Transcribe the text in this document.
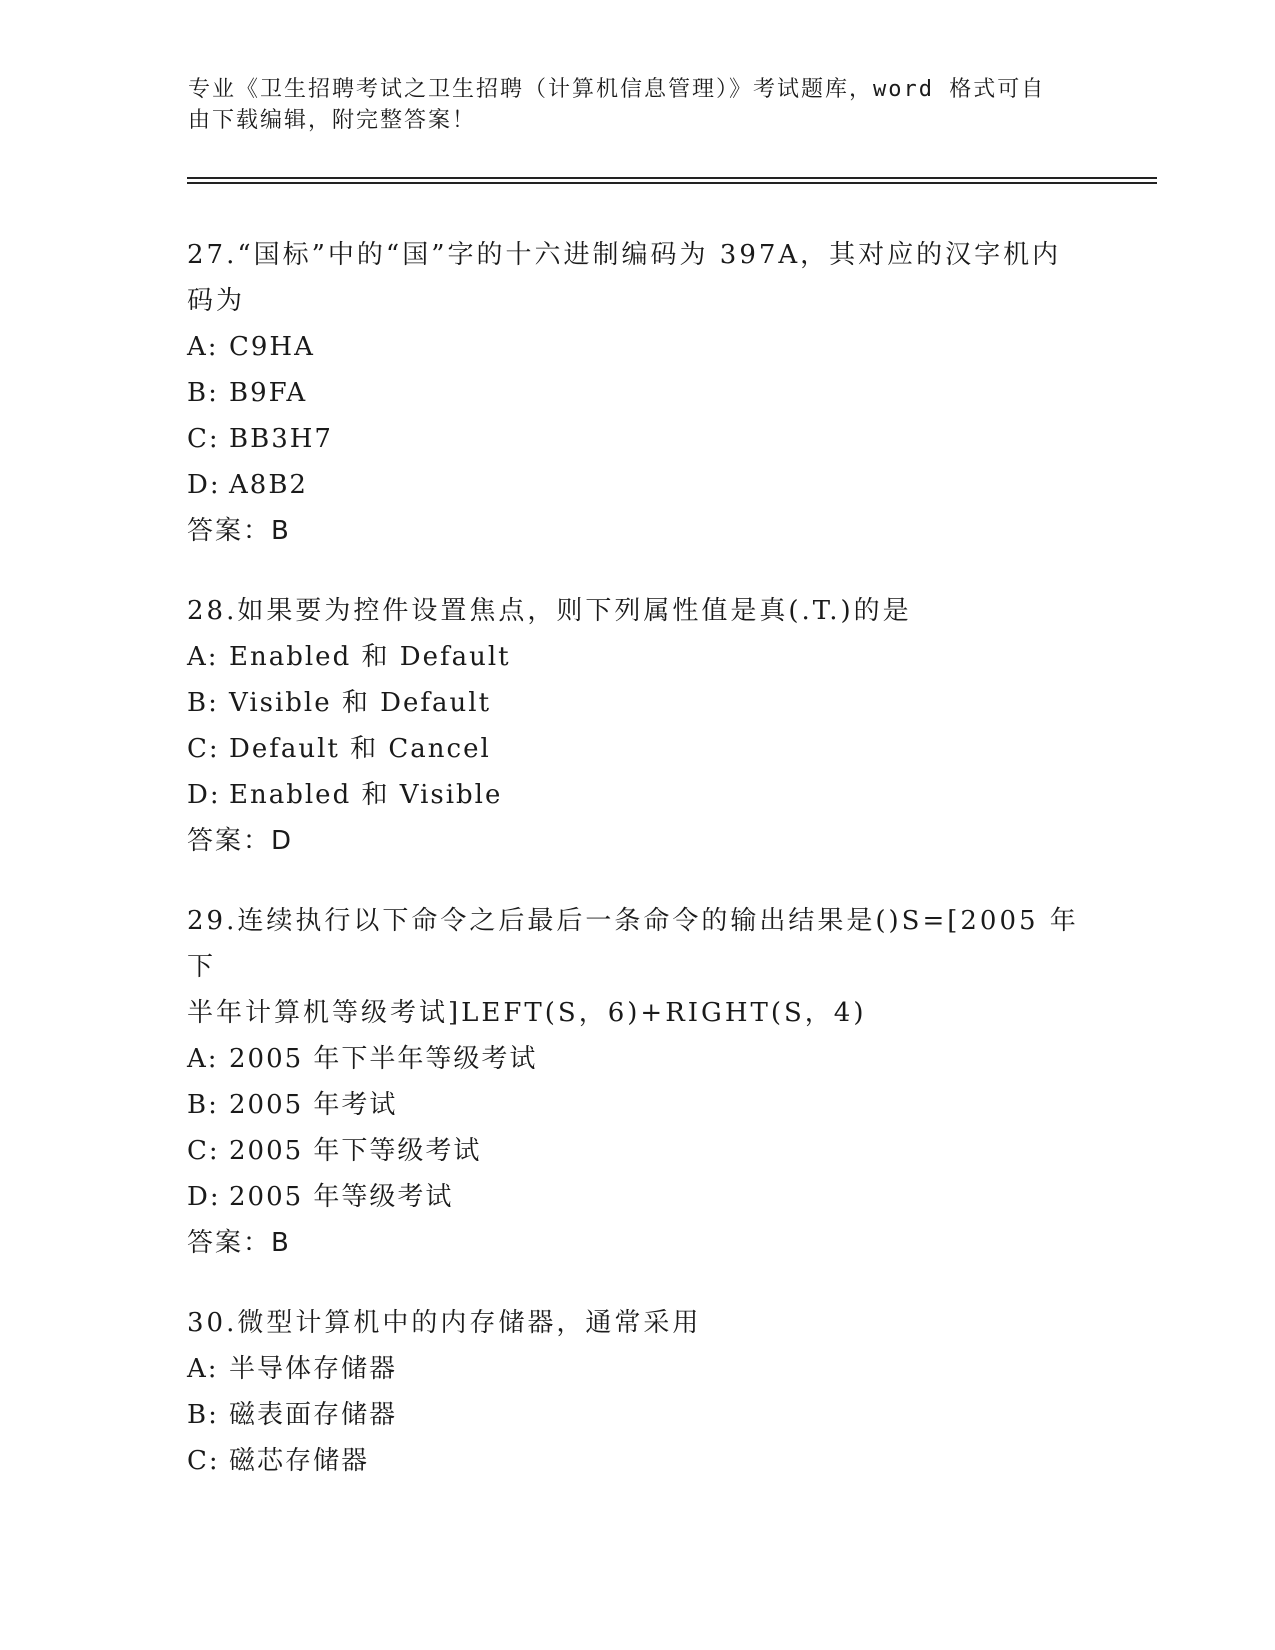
专业《卫生招聘考试之卫生招聘（计算机信息管理）》考试题库，word 格式可自
由下载编辑，附完整答案！

27.“国标”中的“国”字的十六进制编码为 397A，其对应的汉字机内
码为

A: C9HA

B: B9FA

C: BB3H7

D: A8B2

答案：B

28.如果要为控件设置焦点，则下列属性值是真(.T.)的是

A: Enabled 和 Default

B: Visible 和 Default

C: Default 和 Cancel

D: Enabled 和 Visible

答案：D

29.连续执行以下命令之后最后一条命令的输出结果是()S=[2005 年下
半年计算机等级考试]LEFT(S，6)+RIGHT(S，4)

A: 2005 年下半年等级考试

B: 2005 年考试

C: 2005 年下等级考试

D: 2005 年等级考试

答案：B

30.微型计算机中的内存储器，通常采用

A: 半导体存储器

B: 磁表面存储器

C: 磁芯存储器
